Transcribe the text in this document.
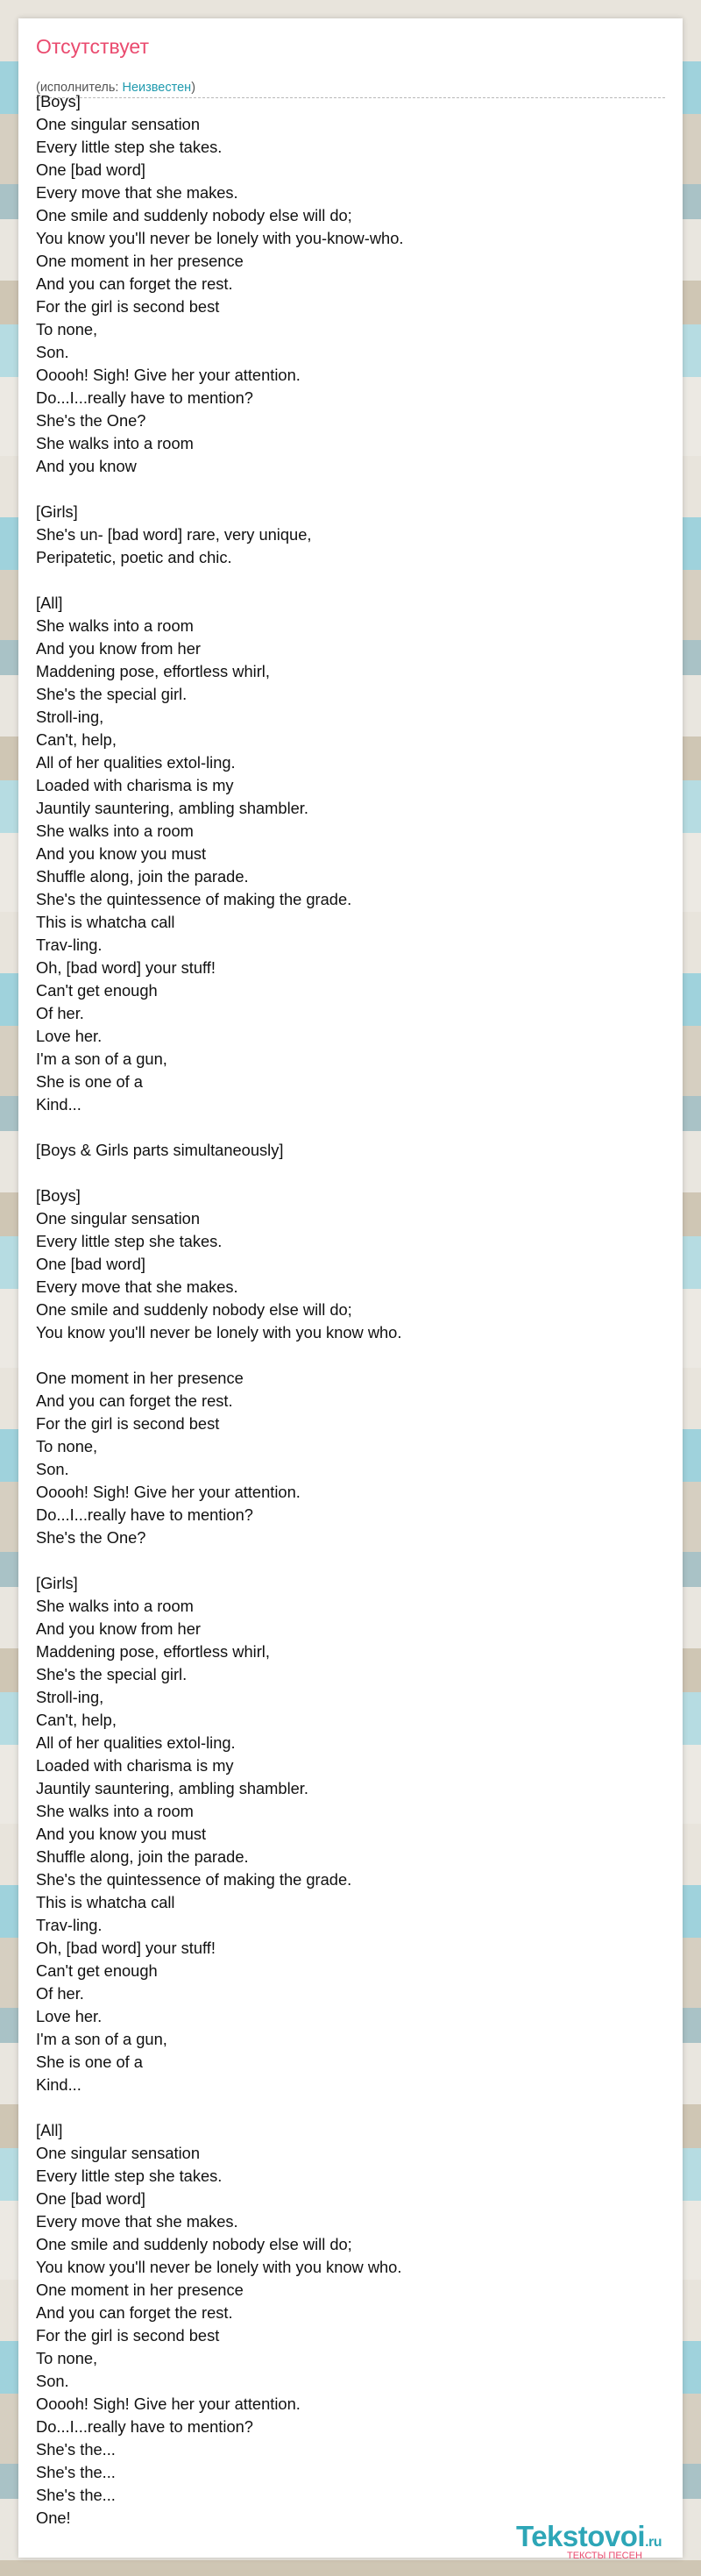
Отсутствует
(исполнитель: Неизвестен)
[Boys]
One singular sensation
Every little step she takes.
One [bad word]
Every move that she makes.
One smile and suddenly nobody else will do;
You know you'll never be lonely with you-know-who.
One moment in her presence
And you can forget the rest.
For the girl is second best
To none,
Son.
Ooooh! Sigh! Give her your attention.
Do...I...really have to mention?
She's the One?
She walks into a room
And you know
[Girls]
She's un- [bad word] rare, very unique,
Peripatetic, poetic and chic.
[All]
She walks into a room
And you know from her
Maddening pose, effortless whirl,
She's the special girl.
Stroll-ing,
Can't, help,
All of her qualities extol-ling.
Loaded with charisma is my
Jauntily sauntering, ambling shambler.
She walks into a room
And you know you must
Shuffle along, join the parade.
She's the quintessence of making the grade.
This is whatcha call
Trav-ling.
Oh, [bad word] your stuff!
Can't get enough
Of her.
Love her.
I'm a son of a gun,
She is one of a
Kind...
[Boys & Girls parts simultaneously]
[Boys]
One singular sensation
Every little step she takes.
One [bad word]
Every move that she makes.
One smile and suddenly nobody else will do;
You know you'll never be lonely with you know who.
One moment in her presence
And you can forget the rest.
For the girl is second best
To none,
Son.
Ooooh! Sigh! Give her your attention.
Do...I...really have to mention?
She's the One?
[Girls]
She walks into a room
And you know from her
Maddening pose, effortless whirl,
She's the special girl.
Stroll-ing,
Can't, help,
All of her qualities extol-ling.
Loaded with charisma is my
Jauntily sauntering, ambling shambler.
She walks into a room
And you know you must
Shuffle along, join the parade.
She's the quintessence of making the grade.
This is whatcha call
Trav-ling.
Oh, [bad word] your stuff!
Can't get enough
Of her.
Love her.
I'm a son of a gun,
She is one of a
Kind...
[All]
One singular sensation
Every little step she takes.
One [bad word]
Every move that she makes.
One smile and suddenly nobody else will do;
You know you'll never be lonely with you know who.
One moment in her presence
And you can forget the rest.
For the girl is second best
To none,
Son.
Ooooh! Sigh! Give her your attention.
Do...I...really have to mention?
She's the...
She's the...
She's the...
One!
Tekstovoi.ru
ТЕКСТЫ ПЕСЕН
